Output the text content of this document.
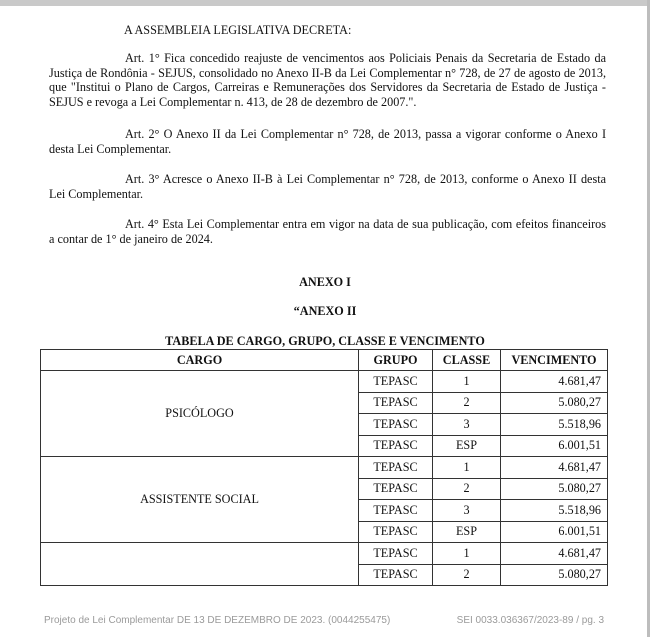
A ASSEMBLEIA LEGISLATIVA DECRETA:
Art. 1° Fica concedido reajuste de vencimentos aos Policiais Penais da Secretaria de Estado da Justiça de Rondônia - SEJUS, consolidado no Anexo II-B da Lei Complementar n° 728, de 27 de agosto de 2013, que "Institui o Plano de Cargos, Carreiras e Remunerações dos Servidores da Secretaria de Estado de Justiça - SEJUS e revoga a Lei Complementar n. 413, de 28 de dezembro de 2007.".
Art. 2° O Anexo II da Lei Complementar n° 728, de 2013, passa a vigorar conforme o Anexo I desta Lei Complementar.
Art. 3° Acresce o Anexo II-B à Lei Complementar n° 728, de 2013, conforme o Anexo II desta Lei Complementar.
Art. 4° Esta Lei Complementar entra em vigor na data de sua publicação, com efeitos financeiros a contar de 1° de janeiro de 2024.
ANEXO I
“ANEXO II
TABELA DE CARGO, GRUPO, CLASSE E VENCIMENTO
CARGO	GRUPO	CLASSE	VENCIMENTO
PSICÓLOGO	TEPASC	1	4.681,47
	TEPASC	2	5.080,27
	TEPASC	3	5.518,96
	TEPASC	ESP	6.001,51
ASSISTENTE SOCIAL	TEPASC	1	4.681,47
	TEPASC	2	5.080,27
	TEPASC	3	5.518,96
	TEPASC	ESP	6.001,51
	TEPASC	1	4.681,47
	TEPASC	2	5.080,27
Projeto de Lei Complementar DE 13 DE DEZEMBRO DE 2023. (0044255475)	SEI 0033.036367/2023-89 / pg. 3
